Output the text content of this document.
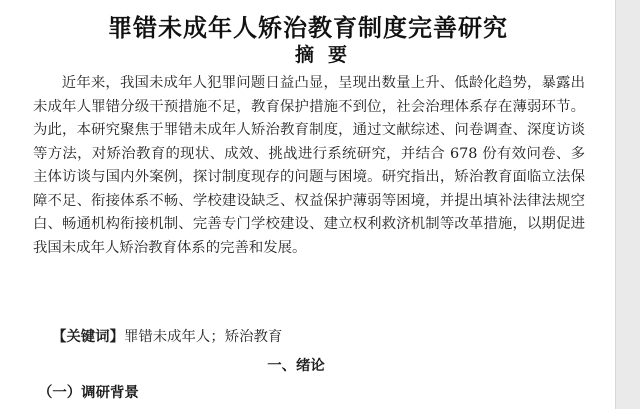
罪错未成年人矫治教育制度完善研究
摘要
近年来，我国未成年人犯罪问题日益凸显，呈现出数量上升、低龄化趋势，暴露出未成年人罪错分级干预措施不足，教育保护措施不到位，社会治理体系存在薄弱环节。为此，本研究聚焦于罪错未成年人矫治教育制度，通过文献综述、问卷调查、深度访谈等方法，对矫治教育的现状、成效、挑战进行系统研究，并结合 678 份有效问卷、多主体访谈与国内外案例，探讨制度现存的问题与困境。研究指出，矫治教育面临立法保障不足、衔接体系不畅、学校建设缺乏、权益保护薄弱等困境，并提出填补法律法规空白、畅通机构衔接机制、完善专门学校建设、建立权利救济机制等改革措施，以期促进我国未成年人矫治教育体系的完善和发展。
【关键词】罪错未成年人；矫治教育
一、绪论
（一）调研背景
